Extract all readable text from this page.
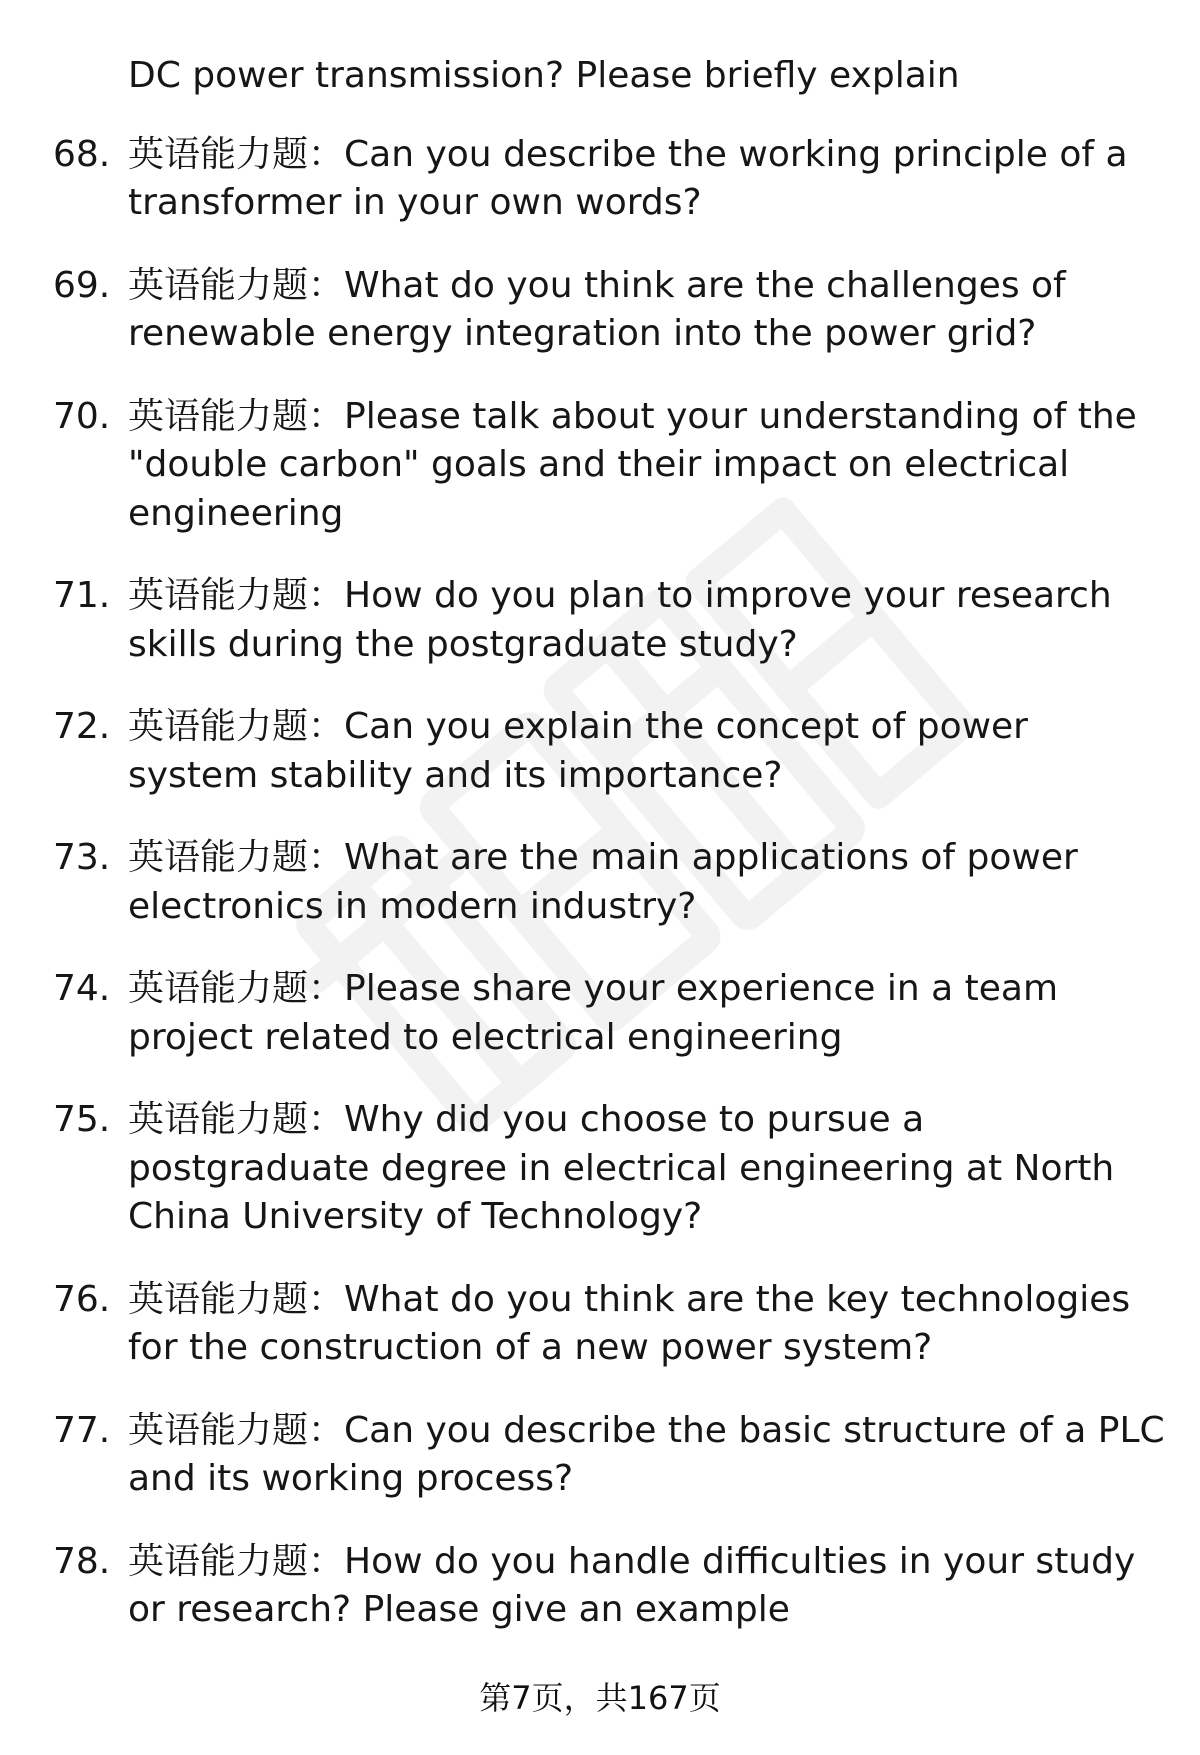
DC power transmission? Please briefly explain
68. 英语能力题：Can you describe the working principle of a transformer in your own words?
69. 英语能力题：What do you think are the challenges of renewable energy integration into the power grid?
70. 英语能力题：Please talk about your understanding of the "double carbon" goals and their impact on electrical engineering
71. 英语能力题：How do you plan to improve your research skills during the postgraduate study?
72. 英语能力题：Can you explain the concept of power system stability and its importance?
73. 英语能力题：What are the main applications of power electronics in modern industry?
74. 英语能力题：Please share your experience in a team project related to electrical engineering
75. 英语能力题：Why did you choose to pursue a postgraduate degree in electrical engineering at North China University of Technology?
76. 英语能力题：What do you think are the key technologies for the construction of a new power system?
77. 英语能力题：Can you describe the basic structure of a PLC and its working process?
78. 英语能力题：How do you handle difficulties in your study or research? Please give an example
第7页，共167页
